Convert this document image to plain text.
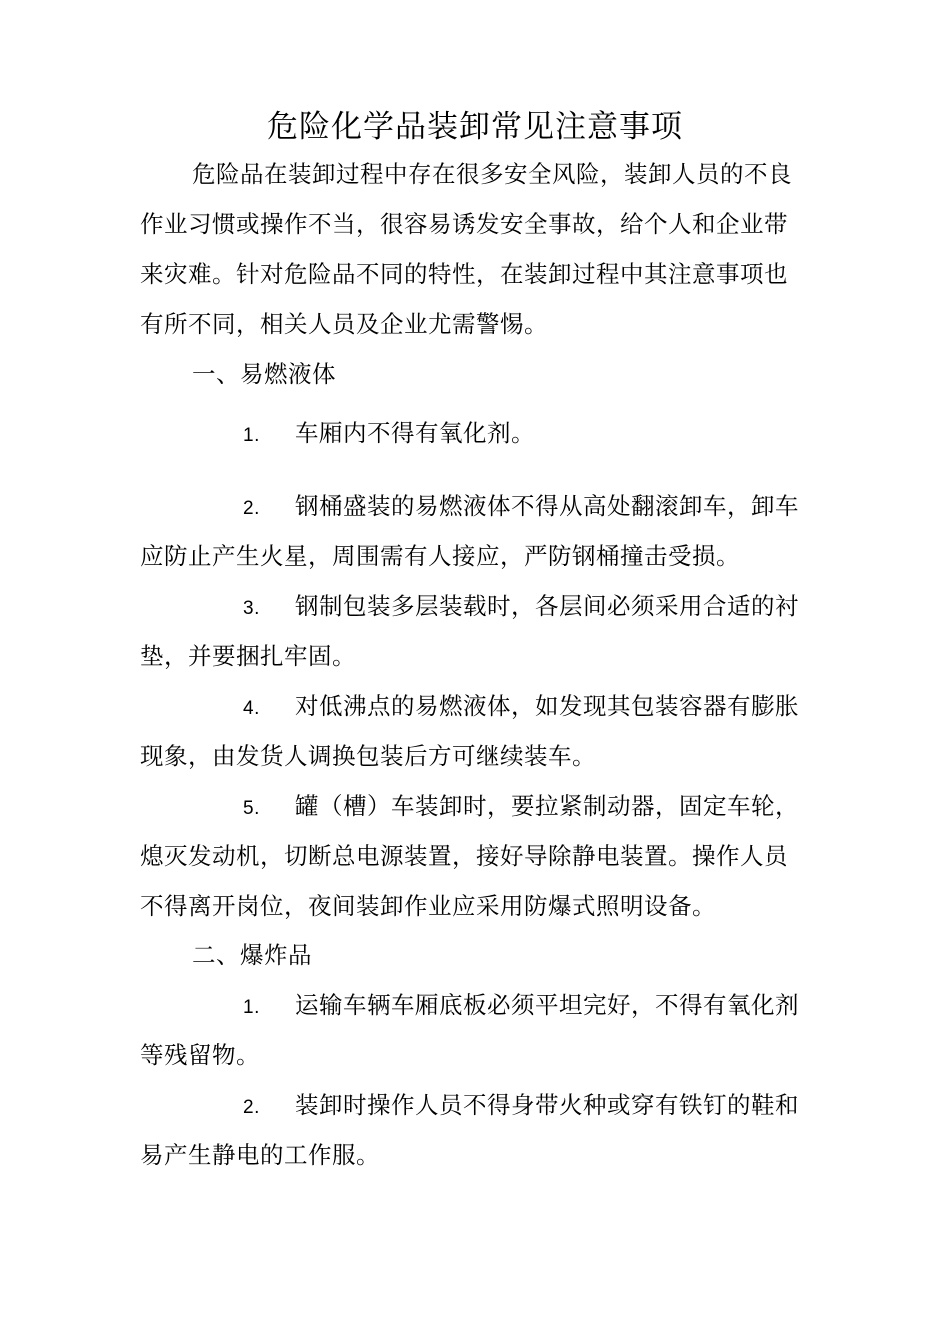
危险化学品装卸常见注意事项
危险品在装卸过程中存在很多安全风险，装卸人员的不良
作业习惯或操作不当，很容易诱发安全事故，给个人和企业带
来灾难。针对危险品不同的特性，在装卸过程中其注意事项也
有所不同，相关人员及企业尤需警惕。
一、易燃液体
1. 车厢内不得有氧化剂。
2. 钢桶盛装的易燃液体不得从高处翻滚卸车，卸车
应防止产生火星，周围需有人接应，严防钢桶撞击受损。
3. 钢制包装多层装载时，各层间必须采用合适的衬
垫，并要捆扎牢固。
4. 对低沸点的易燃液体，如发现其包装容器有膨胀
现象，由发货人调换包装后方可继续装车。
5. 罐（槽）车装卸时，要拉紧制动器，固定车轮，
熄灭发动机，切断总电源装置，接好导除静电装置。操作人员
不得离开岗位，夜间装卸作业应采用防爆式照明设备。
二、爆炸品
1. 运输车辆车厢底板必须平坦完好，不得有氧化剂
等残留物。
2. 装卸时操作人员不得身带火种或穿有铁钉的鞋和
易产生静电的工作服。
